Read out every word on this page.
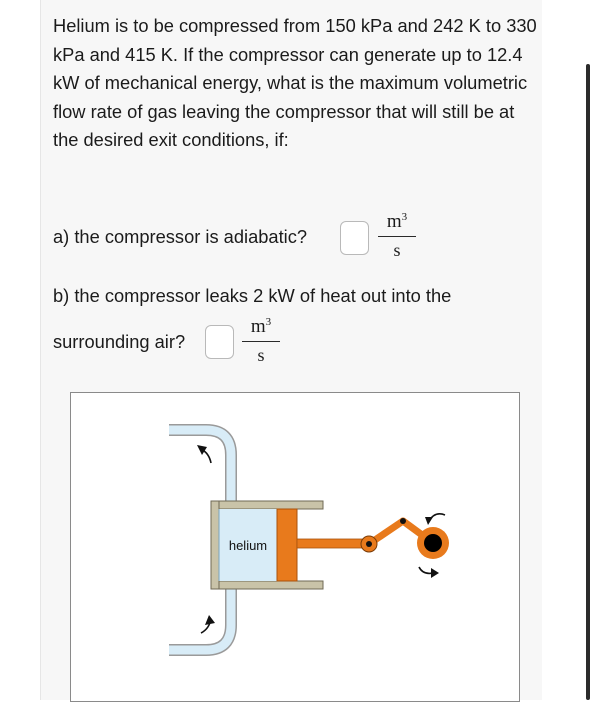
Helium is to be compressed from 150 kPa and 242 K to 330 kPa and 415 K. If the compressor can generate up to 12.4 kW of mechanical energy, what is the maximum volumetric flow rate of gas leaving the compressor that will still be at the desired exit conditions, if:

a) the compressor is adiabatic?
$m^3$
s
b) the compressor leaks 2 kW of heat out into the
surrounding air?
$m^3$
s
helium
